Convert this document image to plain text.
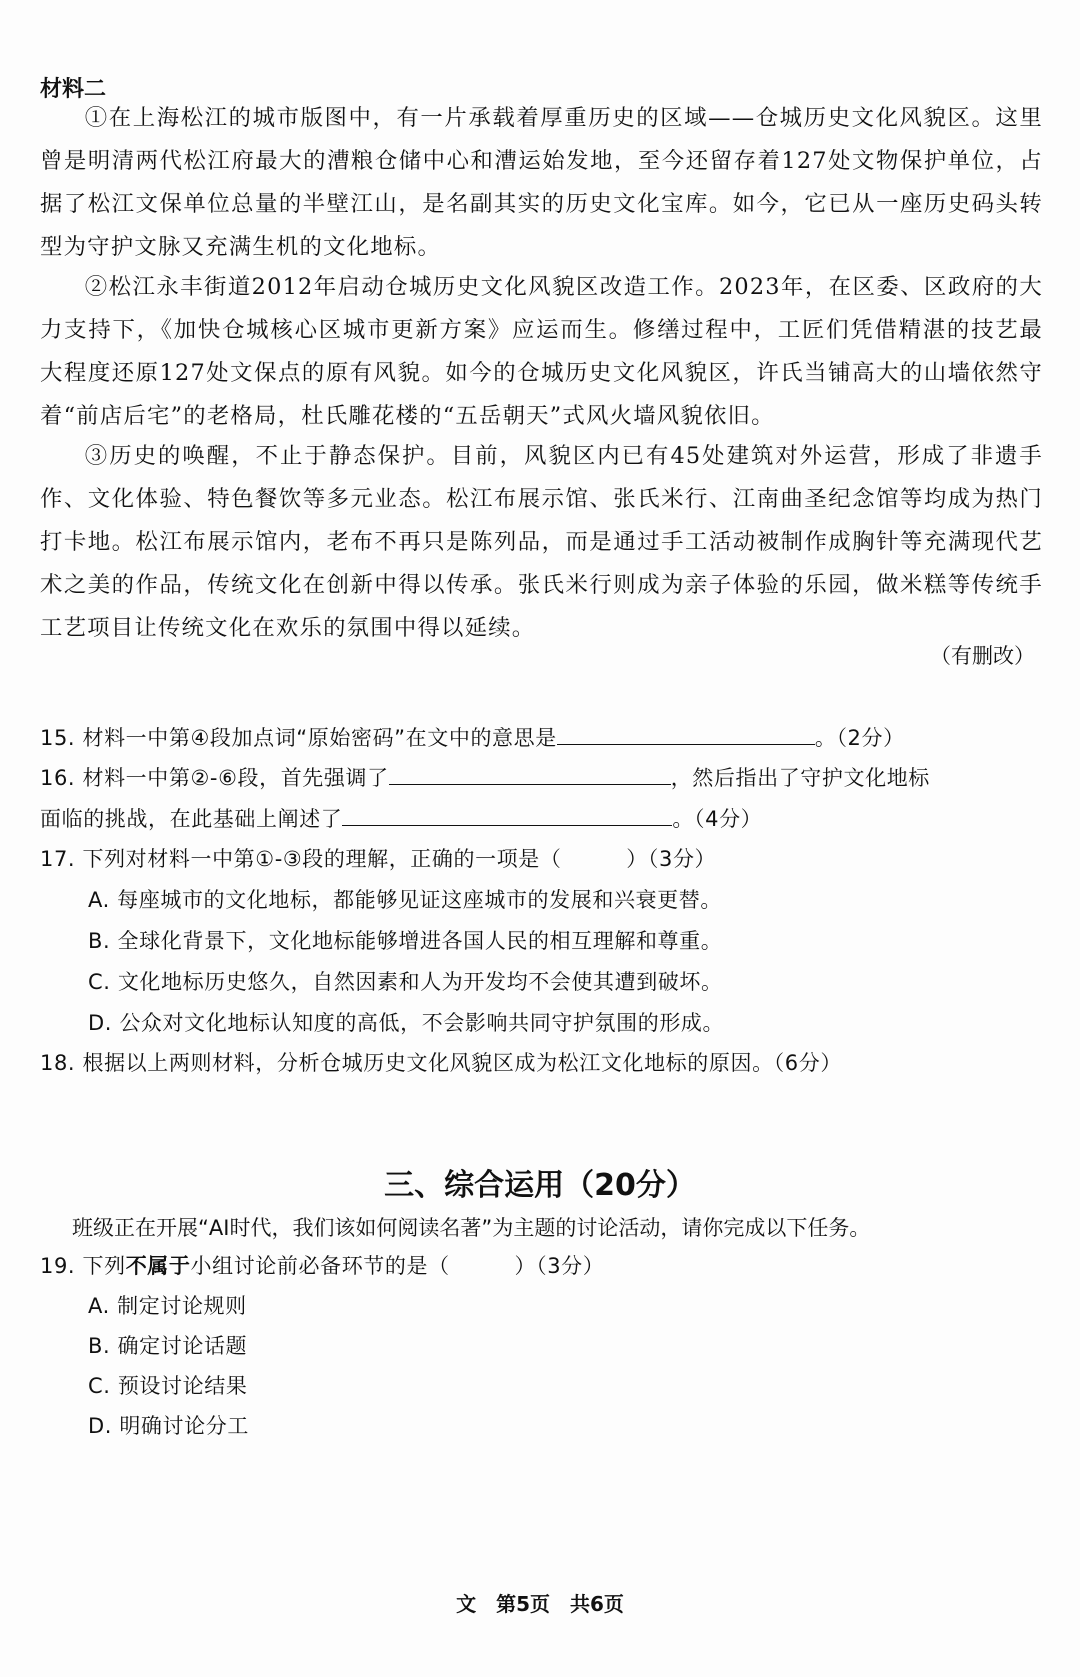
材料二

①在上海松江的城市版图中，有一片承载着厚重历史的区域——仓城历史文化风貌区。这里曾是明清两代松江府最大的漕粮仓储中心和漕运始发地，至今还留存着127处文物保护单位，占据了松江文保单位总量的半壁江山，是名副其实的历史文化宝库。如今，它已从一座历史码头转型为守护文脉又充满生机的文化地标。

②松江永丰街道2012年启动仓城历史文化风貌区改造工作。2023年，在区委、区政府的大力支持下，《加快仓城核心区城市更新方案》应运而生。修缮过程中，工匠们凭借精湛的技艺最大程度还原127处文保点的原有风貌。如今的仓城历史文化风貌区，许氏当铺高大的山墙依然守着“前店后宅”的老格局，杜氏雕花楼的“五岳朝天”式风火墙风貌依旧。

③历史的唤醒，不止于静态保护。目前，风貌区内已有45处建筑对外运营，形成了非遗手作、文化体验、特色餐饮等多元业态。松江布展示馆、张氏米行、江南曲圣纪念馆等均成为热门打卡地。松江布展示馆内，老布不再只是陈列品，而是通过手工活动被制作成胸针等充满现代艺术之美的作品，传统文化在创新中得以传承。张氏米行则成为亲子体验的乐园，做米糕等传统手工艺项目让传统文化在欢乐的氛围中得以延续。

（有删改）
15. 材料一中第④段加点词“原始密码”在文中的意思是	。（2分）
16. 材料一中第②-⑥段，首先强调了	，然后指出了守护文化地标
面临的挑战，在此基础上阐述了	。（4分）
17. 下列对材料一中第①-③段的理解，正确的一项是（　　　）（3分）
A. 每座城市的文化地标，都能够见证这座城市的发展和兴衰更替。
B. 全球化背景下，文化地标能够增进各国人民的相互理解和尊重。
C. 文化地标历史悠久，自然因素和人为开发均不会使其遭到破坏。
D. 公众对文化地标认知度的高低，不会影响共同守护氛围的形成。
18. 根据以上两则材料，分析仓城历史文化风貌区成为松江文化地标的原因。（6分）
三、综合运用（20分）
班级正在开展“AI时代，我们该如何阅读名著”为主题的讨论活动，请你完成以下任务。
19. 下列不属于小组讨论前必备环节的是（　　　）（3分）
A. 制定讨论规则
B. 确定讨论话题
C. 预设讨论结果
D. 明确讨论分工
文　第5页　共6页
